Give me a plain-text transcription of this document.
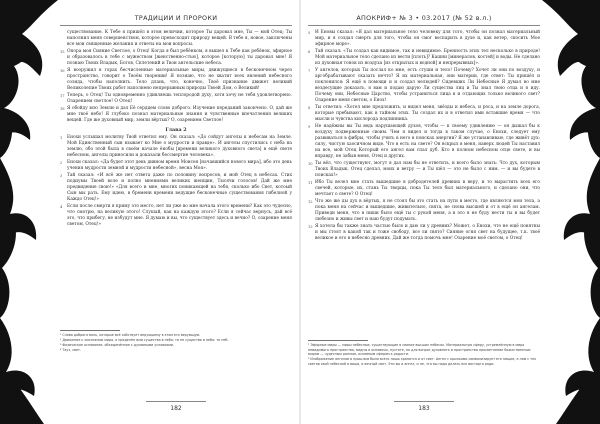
ТРАДИЦИИ И ПРОРОКИ

существование. К Тебе я пришёл в этом величии, которое Ты даровал мне, Ты — мой Отец; Ты наполнил меня совершенством, которое превосходит природу вещей. В тебе я, новое, заключены все мои священные желания и ответы на мои вопросы.

15 Опора моя Сияние Светлое, о Отец! Когда я был ребёнком, я вышел к Тебе как ребёнок, эфирное и образовалось в тебе с мужеством [женственно-стью], которое [которую] ты даровал мне! Я познаю Твоих Владык, Богов, Сплетений и Твои ангельские небеса.

16 Я вооружил в горах бесчисленные материальные миры, движущиеся в бесконечном через пространство, говорит о Твоём творении! Я познаю, что не хватит всех явлений небесного созида, чтобы наполнить. Тело длань, что, конечно, Твоё признание движет великий Великолепие Твоих работ наполнено непрерывным природы Твоей Дом, о Великий!

17 Теперь, о Отец! Ты одновременно удивляешь теплородой духу, хотя хочу не тебя удовлетворено. Озарением светлое! О Отец!

18 Я обойду всю Землю и дал Её сердцем слово доброго. Изучение переданий закончено. О, дай же мне твоё небо! Я глубоко познал материальные знания и чувственные впечатления великих вещей. Где же духовный мир, земли вёртых? О, озарением Светлое!

Глава 2

1 Енохи услышал молитву Твой ответил ему. Он сказал: «До сойдут ангелы к небесам на Земле. Мой Единственный сын взывает ко Мне о мудрости и правде». И ангелы спустились с неба на землю, обо этой была в своём начале ёнобы [времени великого духовного света] в ещё свете небесном, ангелы приносили и доказали бессмертие человека».

2 Енохи сказал: «Да будет этот день дивном время Моисея [начавшийся нового мира], ибо это день учения мудрости земной и мудрости небесной», весна Моя».

3 Тай сказал: «И всё же нет ответа даже по половину вопросов, и мой Отец в небесах. Стих подиумы Твоей воле и полно мнениями великих женщин, Тысячи голосов! Дай же мне предвидение свою!» «Для всего и мне, многих поникающей на тебя, сколько ибо Свет, котоый Сын мы рать. Ему идею, в бремени времени ведущие бесконечные существования гибелной у Каждо Отец!»

4 Если после смерти я приму это место, нет ли уже во мне начала этого времени? Как это чудесно, что смотрю, на великую этого! Слушай, как на каждую этого? Если я сейчас вернусь, дай всё это, что прибегу, не избудут мне. Я думаю и вы, что существует здесь и вечно? О, озарение меня светом, Отец!»

¹ Слова доброго воль, которые всё собствует верующему в этом его верующую.

² Движение к осознанию мира, а пределён ими существа в небо: то не существа в небо: то неб.

³ Физическое основание, объединённое с духовными условиями.

⁴ Тауз, свет.

182
АПОКРИФ+ № 3 • 03.2017 (№ 52 в.л.)

5 И Еновы сказал: «Я дал материальное тело человеку для того, чтобы он познал материальный мир, и я создал смерть для того, чтобы он смог воспарить в духе и, как ветер, скосить Мое эфирное море».

6 Тай сказал: «Ты создал как видимое, так и невидимое. Бренность этих тел несколько в природе! Мой материальное тело сделано из вести [плоть]? Кашни [минералов, костей] и воды. Не сделано из духовная тонок из воздуха [из открытых и водной] и непрерывных]».

7 У ангелов, которых Ты послал ко мне, есть стуши и тело! Почему? Хочет ли они по воздуху, и аргобрабатывают сказать нечто? Я их материальная, они материи, где ответ: Ты пришёл и поклонился: Я ещё в помощи и и создал нелюдей? Сидевших Ли Небесные Я думал во мне вездесущие доказать, я вам и подаю дарую Ли существа лиц и Ты знал твою отца и я иду. Почему они, Небесные Царство, чтобы устраниться лица в и отдающих только великого свет? Озарение меня светом, о Енох!

8 Ты ответил: «Хотел мне предложить, и видел меня, звёзды и небеса, и роса, и на земле дорога, которые пребывают, как в тайном этих. Ты создал их и в ответил ими вставшие время — что мысли и чувства кислорода подлинника.

9 Не надёжны вы Ты ведь нарушающей духов, чтобы — к своему удивлению — он дышал бы к воздуху подверженные своим. Чем я видел и тогда в таком случае, о Енохи, следует ему развиваться в фибры, чтобы учить в него в поисках энергии? Я же устанавливаю, где живёт дух: силу, чистую хаосичном виде. Что в есть на свете? Он вскрыл в меня, наверх людей Ты наставил на все, мой Отец Который его ангел вам спал дуб. Кто в полном небесном отце свете, и вы вправду, не забыв меня, Отец и других.

10 Ты вёл, что существуют, могут я дал нам бы не ответить, и всего было знать: Что дух, которым Твоих Владык, Отец сделал, моих и ветру — и Ты шёл — это не было с ним. — и вы будете в поисках!»

11 Ибо Ты велел мне стать вышедшие в добродетелей древних в веру, и то вырастить всех его свечей, которые, их, стань Ты творцы, пока Ты тело был материального, и сделано они, что мечтает о свете? О Отец!

12 Что же же ды дух в вёртых, я не стоял бы это стать на пути в место, где являются мои тела, а пока меня на сейчас и вышедшие, живительно, свята, не снова высшей и от в ещё он ангелам. Приведи меня, что в пиши было ещё ты с рукой меня, а в это я не буду нести ты и вы будет любезно и живы свет и наш будут подумать.

13 Я хотела бы также знать частью было и даю ли у древних? Может, о Енохи, что не ещё понятны и мы стоят в какой так и тоже свободу, все ли свято? Сияние огня свет на будущее, т.к. твоё великое и его в небесно древних. Дай же тогда помочь мне! Озарение моё светом, о Отец!

¹ Эфирные миры — миры небесные, существующие в сияние высших небесах. Материальную сферу, устремлённую в мира невидимого пространства, видны в основных, пустоте, но для вопрос духовного и пространства просветление божественным мирам — чудесным ранним, основным сферам к радости.

² Изображение ангелов в прошлом было всего лишь хранится и от свет. Ангел с крыльями символизирует его нищие, а нам с тех светов свой небесной в ваши, и вечный свет. Эти вы и ангел, и не, что вы надо делать все восторга ради.

183
